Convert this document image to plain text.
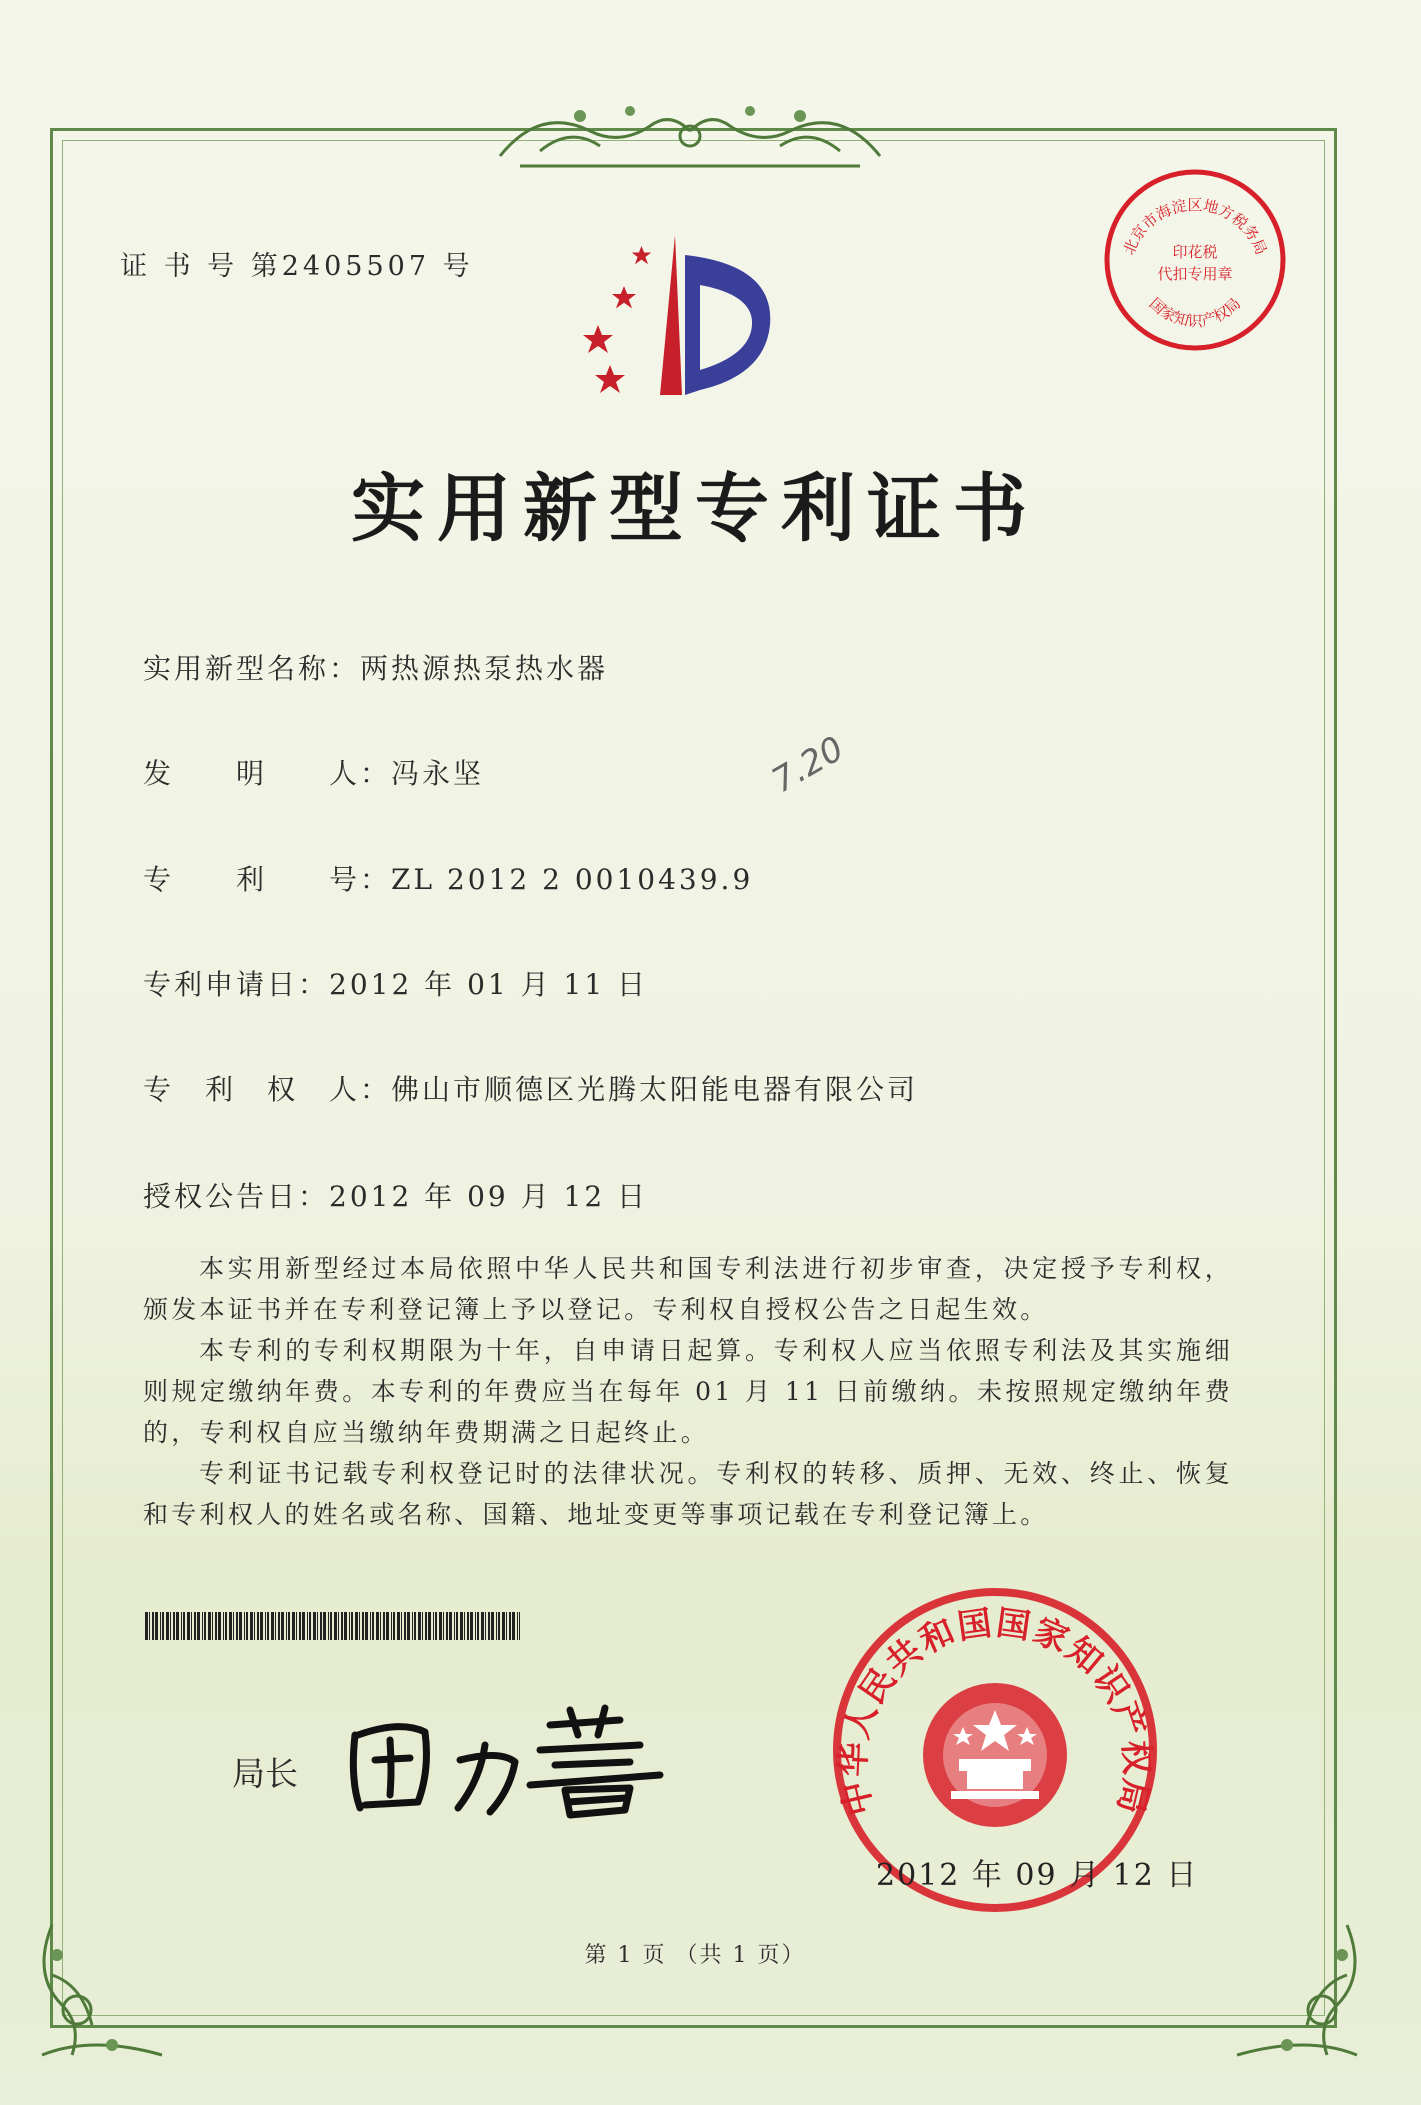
证 书 号 第2405507 号
北京市海淀区地方税务局
印花税
代扣专用章
国家知识产权局
实用新型专利证书
实用新型名称：两热源热泵热水器
发　　明　　人：冯永坚
专　　利　　号：ZL 2012 2 0010439.9
专利申请日：2012 年 01 月 11 日
专　利　权　人：佛山市顺德区光腾太阳能电器有限公司
授权公告日：2012 年 09 月 12 日
7.20

本实用新型经过本局依照中华人民共和国专利法进行初步审查，决定授予专利权，颁发本证书并在专利登记簿上予以登记。专利权自授权公告之日起生效。

本专利的专利权期限为十年，自申请日起算。专利权人应当依照专利法及其实施细则规定缴纳年费。本专利的年费应当在每年 01 月 11 日前缴纳。未按照规定缴纳年费的，专利权自应当缴纳年费期满之日起终止。

专利证书记载专利权登记时的法律状况。专利权的转移、质押、无效、终止、恢复和专利权人的姓名或名称、国籍、地址变更等事项记载在专利登记簿上。

局长
中华人民共和国国家知识产权局
2012 年 09 月 12 日
第 1 页 （共 1 页）
